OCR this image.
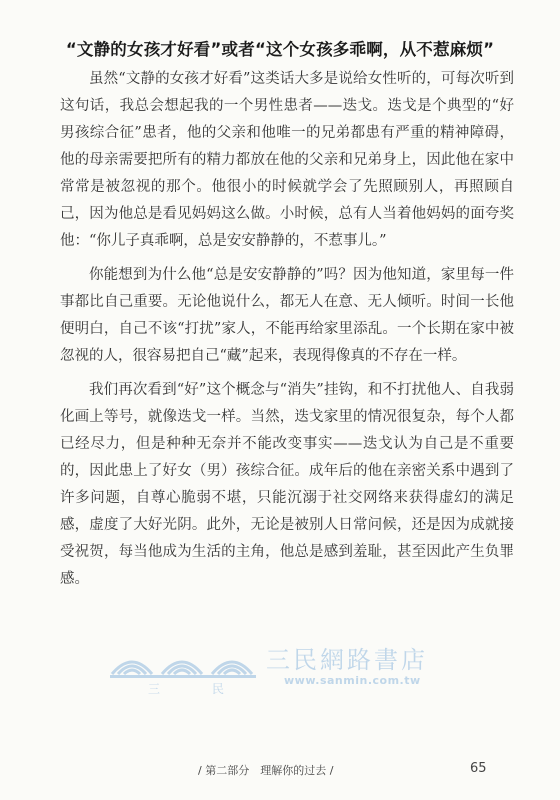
“文静的女孩才好看”或者“这个女孩多乖啊，从不惹麻烦”

虽然“文静的女孩才好看”这类话大多是说给女性听的，可每次听到这句话，我总会想起我的一个男性患者——迭戈。迭戈是个典型的“好男孩综合征”患者，他的父亲和他唯一的兄弟都患有严重的精神障碍，他的母亲需要把所有的精力都放在他的父亲和兄弟身上，因此他在家中常常是被忽视的那个。他很小的时候就学会了先照顾别人，再照顾自己，因为他总是看见妈妈这么做。小时候，总有人当着他妈妈的面夸奖他：“你儿子真乖啊，总是安安静静的，不惹事儿。”

你能想到为什么他“总是安安静静的”吗？因为他知道，家里每一件事都比自己重要。无论他说什么，都无人在意、无人倾听。时间一长他便明白，自己不该“打扰”家人，不能再给家里添乱。一个长期在家中被忽视的人，很容易把自己“藏”起来，表现得像真的不存在一样。

我们再次看到“好”这个概念与“消失”挂钩，和不打扰他人、自我弱化画上等号，就像迭戈一样。当然，迭戈家里的情况很复杂，每个人都已经尽力，但是种种无奈并不能改变事实——迭戈认为自己是不重要的，因此患上了好女（男）孩综合征。成年后的他在亲密关系中遇到了许多问题，自尊心脆弱不堪，只能沉溺于社交网络来获得虚幻的满足感，虚度了大好光阴。此外，无论是被别人日常问候，还是因为成就接受祝贺，每当他成为生活的主角，他总是感到羞耻，甚至因此产生负罪感。

三	民
三民網路書店
www.sanmin.com.tw
/ 第二部分　理解你的过去 /	65
